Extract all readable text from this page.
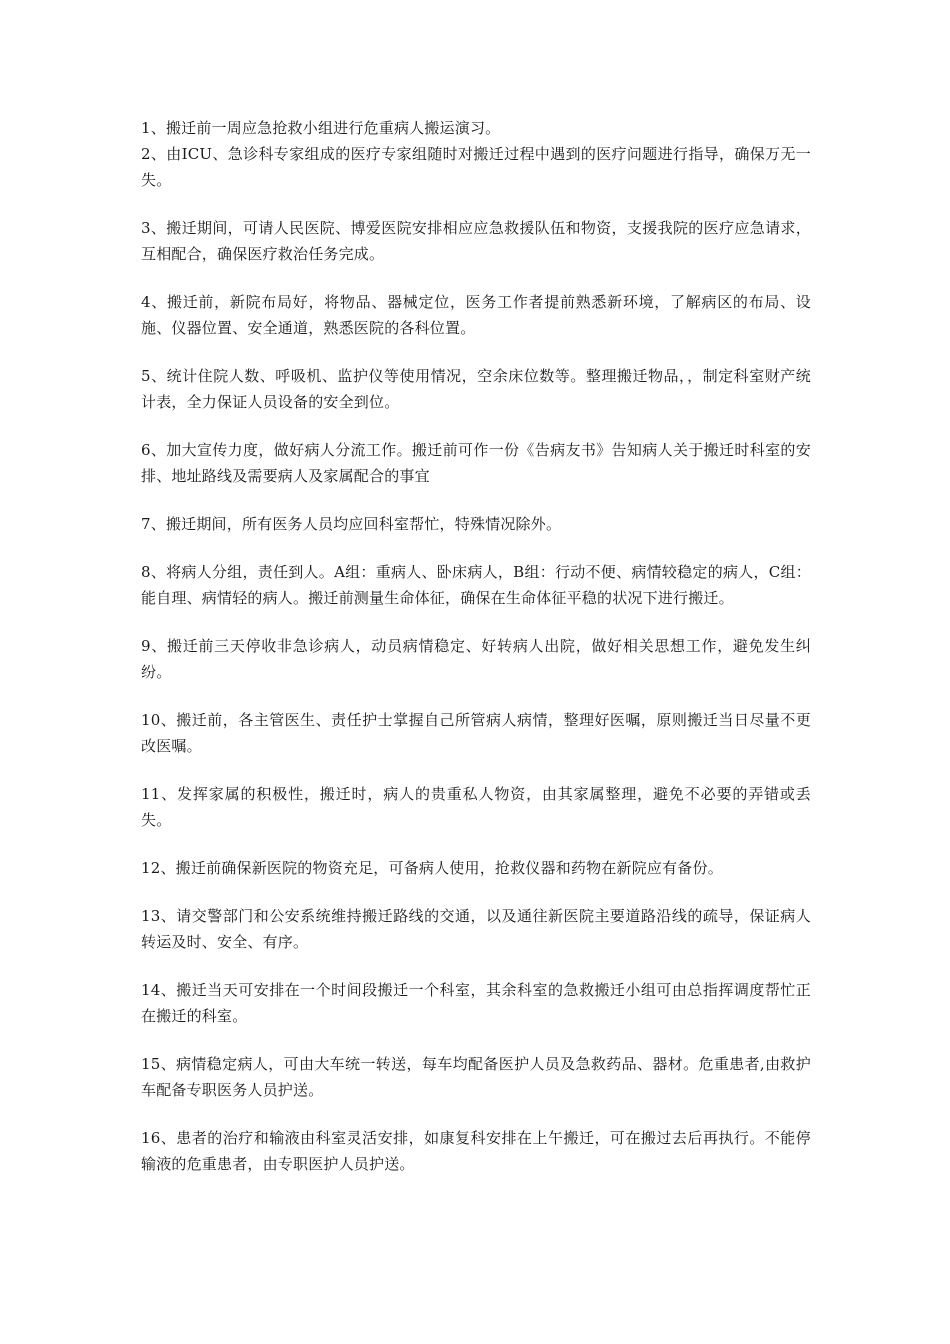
1、搬迁前一周应急抢救小组进行危重病人搬运演习。

2、由ICU、急诊科专家组成的医疗专家组随时对搬迁过程中遇到的医疗问题进行指导，确保万无一失。

3、搬迁期间，可请人民医院、博爱医院安排相应应急救援队伍和物资，支援我院的医疗应急请求，互相配合，确保医疗救治任务完成。

4、搬迁前，新院布局好，将物品、器械定位，医务工作者提前熟悉新环境，了解病区的布局、设施、仪器位置、安全通道，熟悉医院的各科位置。

5、统计住院人数、呼吸机、监护仪等使用情况，空余床位数等。整理搬迁物品，，制定科室财产统计表，全力保证人员设备的安全到位。

6、加大宣传力度，做好病人分流工作。搬迁前可作一份《告病友书》告知病人关于搬迁时科室的安排、地址路线及需要病人及家属配合的事宜

7、搬迁期间，所有医务人员均应回科室帮忙，特殊情况除外。

8、将病人分组，责任到人。A组：重病人、卧床病人，B组：行动不便、病情较稳定的病人，C组：能自理、病情轻的病人。搬迁前测量生命体征，确保在生命体征平稳的状况下进行搬迁。

9、搬迁前三天停收非急诊病人，动员病情稳定、好转病人出院，做好相关思想工作，避免发生纠纷。

10、搬迁前，各主管医生、责任护士掌握自己所管病人病情，整理好医嘱，原则搬迁当日尽量不更改医嘱。

11、发挥家属的积极性，搬迁时，病人的贵重私人物资，由其家属整理，避免不必要的弄错或丢失。

12、搬迁前确保新医院的物资充足，可备病人使用，抢救仪器和药物在新院应有备份。

13、请交警部门和公安系统维持搬迁路线的交通，以及通往新医院主要道路沿线的疏导，保证病人转运及时、安全、有序。

14、搬迁当天可安排在一个时间段搬迁一个科室，其余科室的急救搬迁小组可由总指挥调度帮忙正在搬迁的科室。

15、病情稳定病人，可由大车统一转送，每车均配备医护人员及急救药品、器材。危重患者,由救护车配备专职医务人员护送。

16、患者的治疗和输液由科室灵活安排，如康复科安排在上午搬迁，可在搬过去后再执行。不能停输液的危重患者，由专职医护人员护送。
